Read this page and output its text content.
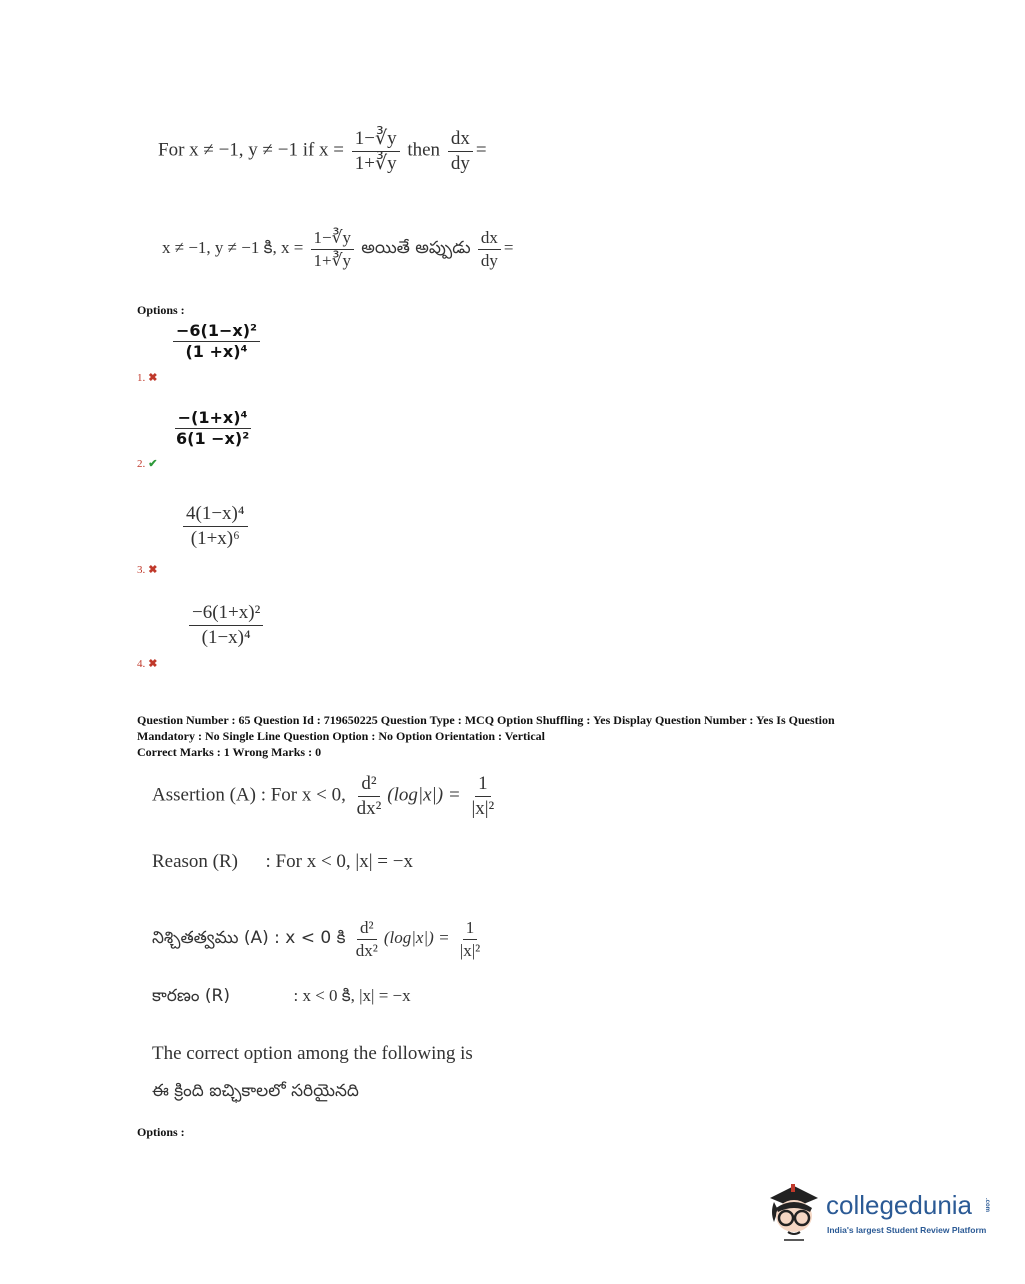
For x ≠ −1, y ≠ −1 if $x = \frac{1-∛y}{1+∛y}$ then $\frac{dx}{dy}$ =
x ≠ −1, y ≠ −1 కి, $x = \frac{1-∛y}{1+∛y}$ అయితే అప్పుడు $\frac{dx}{dy}$ =
Options :
$\frac{\text{−6(1−x)²}}{\text{(1 +x)⁴}}$
1. ✖
$\frac{\text{−(1+x)⁴}}{\text{6(1 −x)²}}$
2. ✔
$\frac{\text{4(1−x)⁴}}{\text{(1+x)⁶}}$
3. ✖
$\frac{\text{−6(1+x)²}}{\text{(1−x)⁴}}$
4. ✖
Question Number : 65 Question Id : 719650225 Question Type : MCQ Option Shuffling : Yes Display Question Number : Yes Is Question
Mandatory : No Single Line Question Option : No Option Orientation : Vertical
Correct Marks : 1 Wrong Marks : 0
Assertion (A) : For x < 0, $\frac{\text{d²}}{\text{dx²}} (\log|x|) = \frac{1}{\text{|x|²}}$
Reason (R) : For x < 0, |x| = −x
నిశ్చితత్వము (A) : x < 0 కి $\frac{\text{d²}}{\text{dx²}} (\log|x|) = \frac{1}{\text{|x|²}}$
కారణం (R)	: x < 0 కి, |x| = −x
The correct option among the following is
ఈ క్రింది ఐచ్ఛికాలలో సరియైనది
Options :
collegedunia .com
India's largest Student Review Platform
